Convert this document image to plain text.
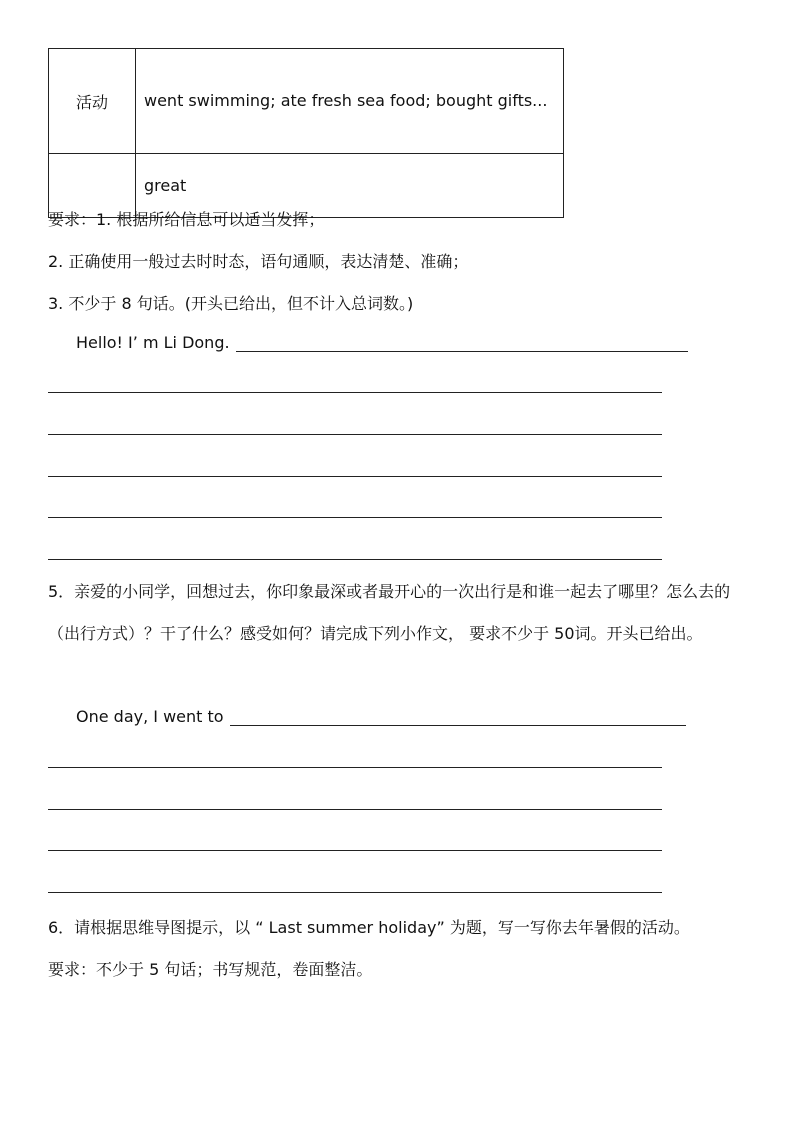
活动	went swimming; ate fresh sea food; bought gifts...
	great
要求：1. 根据所给信息可以适当发挥；
2. 正确使用一般过去时时态，语句通顺，表达清楚、准确；
3. 不少于 8 句话。(开头已给出，但不计入总词数。)
Hello! I’ m Li Dong.
5．亲爱的小同学，回想过去，你印象最深或者最开心的一次出行是和谁一起去了哪里？怎么去的（出行方式）？干了什么？感受如何？请完成下列小作文， 要求不少于 50词。开头已给出。
One day, I went to
6．请根据思维导图提示，以 “ Last summer holiday” 为题，写一写你去年暑假的活动。
要求：不少于 5 句话；书写规范，卷面整洁。
